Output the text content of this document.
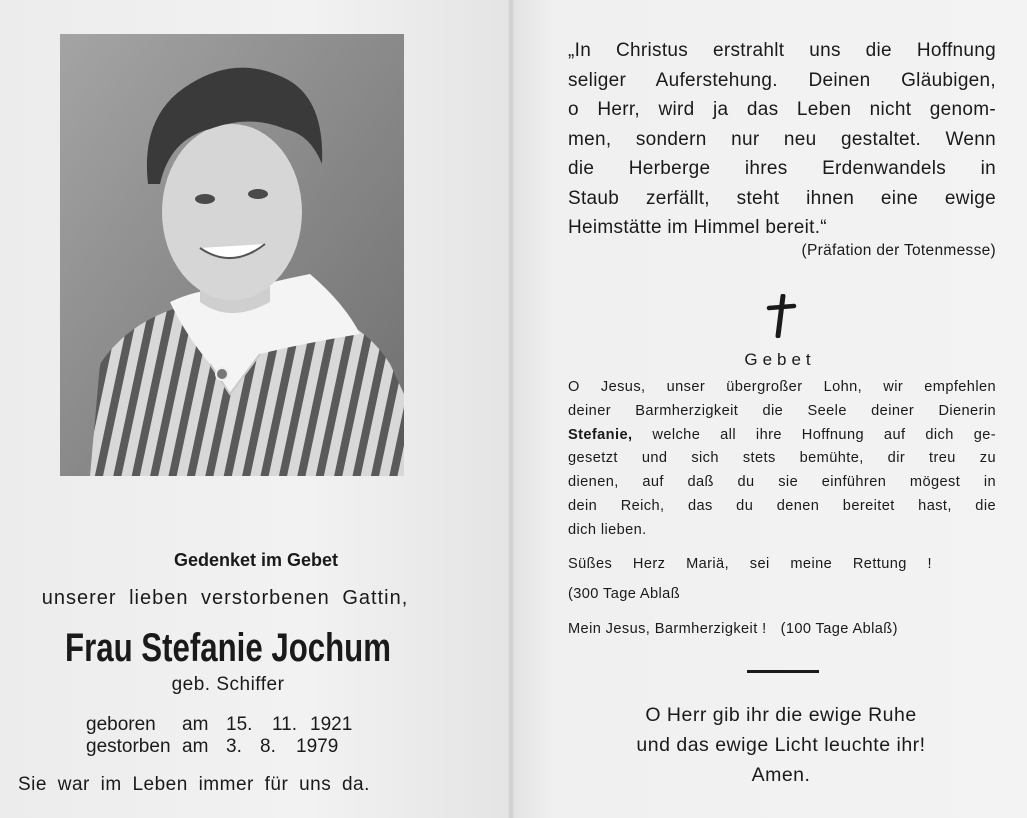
Gedenket im Gebet
unserer lieben verstorbenen Gattin,
Frau Stefanie Jochum
geb. Schiffer
geboren am 15. 11. 1921
gestorben am 3. 8. 1979
Sie war im Leben immer für uns da.
„In Christus erstrahlt uns die Hoffnung
seliger Auferstehung. Deinen Gläubigen,
o Herr, wird ja das Leben nicht genom-
men, sondern nur neu gestaltet. Wenn
die Herberge ihres Erdenwandels in
Staub zerfällt, steht ihnen eine ewige
Heimstätte im Himmel bereit.“
(Präfation der Totenmesse)
Gebet
O Jesus, unser übergroßer Lohn, wir empfehlen
deiner Barmherzigkeit die Seele deiner Dienerin
Stefanie, welche all ihre Hoffnung auf dich ge-
gesetzt und sich stets bemühte, dir treu zu
dienen, auf daß du sie einführen mögest in
dein Reich, das du denen bereitet hast, die
dich lieben.
Süßes Herz Mariä, sei meine Rettung !
(300 Tage Ablaß
Mein Jesus, Barmherzigkeit ! (100 Tage Ablaß)
O Herr gib ihr die ewige Ruhe
und das ewige Licht leuchte ihr!
Amen.
